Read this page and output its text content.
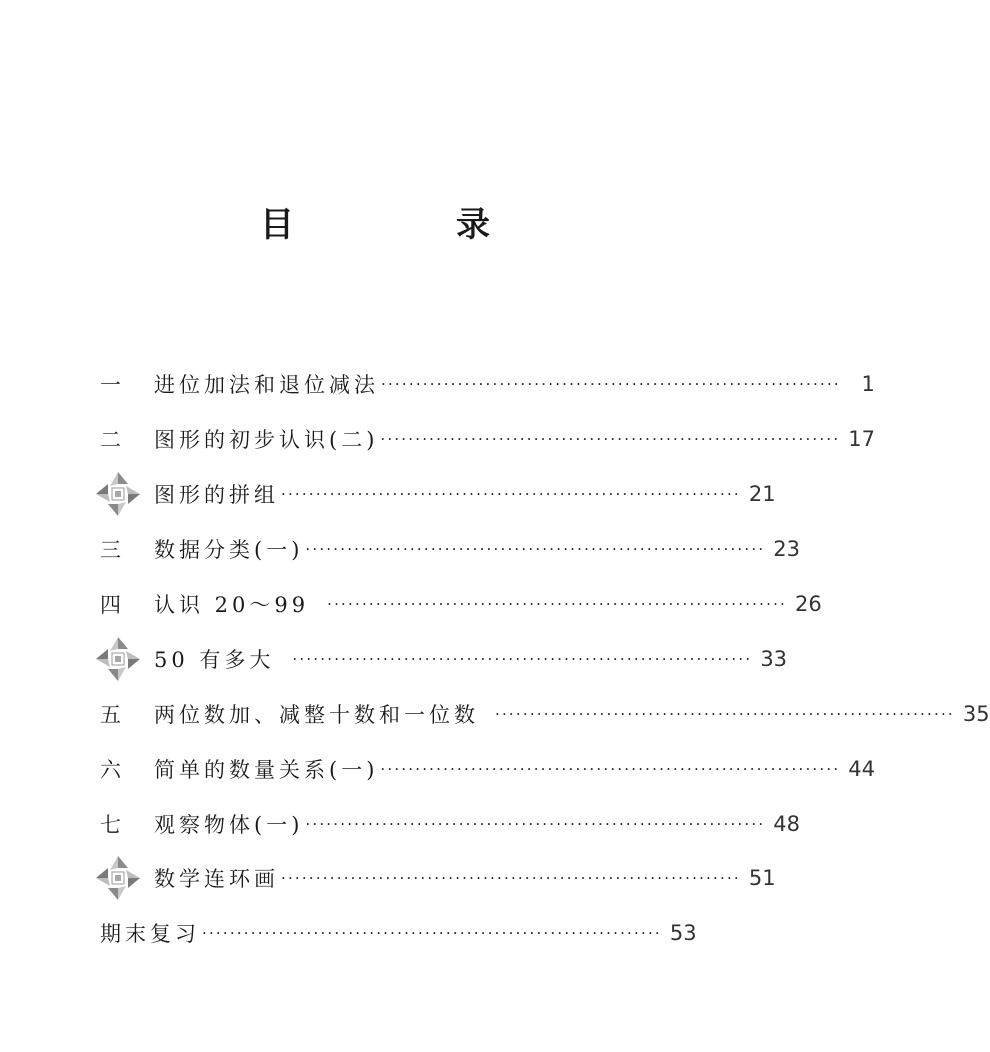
目　录
一	进位加法和退位减法 ·································································· 1
二	图形的初步认识(二) ·································································· 17
图形的拼组 ·································································· 21
三	数据分类(一) ·································································· 23
四	认识 20～99 ·································································· 26
50 有多大 ·································································· 33
五	两位数加、减整十数和一位数 ·································································· 35
六	简单的数量关系(一) ·································································· 44
七	观察物体(一) ·································································· 48
数学连环画 ·································································· 51
期末复习 ·································································· 53
